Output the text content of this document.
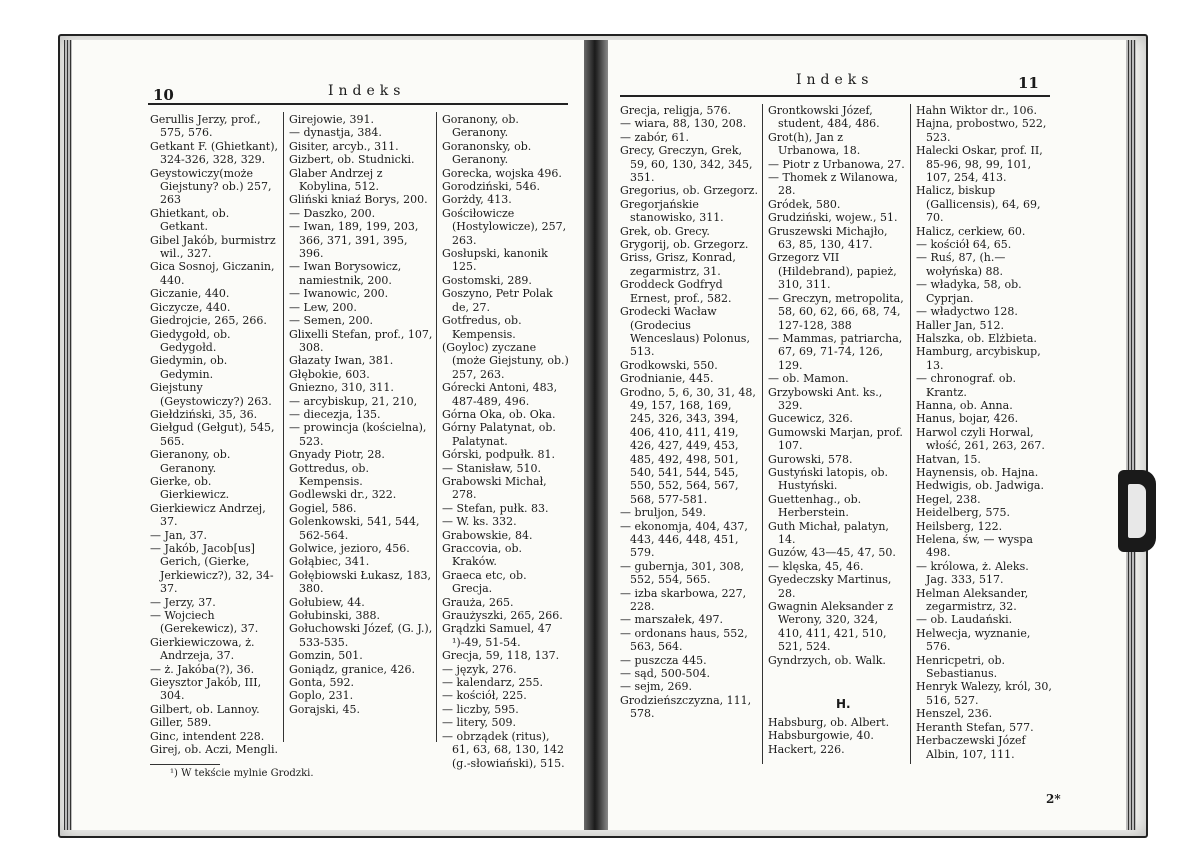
10	Indeks
Indeks	11

Gerullis Jerzy, prof., 575, 576.

Getkant F. (Ghietkant), 324-326, 328, 329.

Geystowiczy(może Giejstuny? ob.) 257, 263

Ghietkant, ob. Getkant.

Gibel Jakób, burmistrz wil., 327.

Gica Sosnoj, Giczanin, 440.

Giczanie, 440.

Giczycze, 440.

Giedrojcie, 265, 266.

Giedygołd, ob. Gedygołd.

Giedymin, ob. Gedymin.

Giejstuny (Geystowiczy?) 263.

Giełdziński, 35, 36.

Giełgud (Gełgut), 545, 565.

Gieranony, ob. Geranony.

Gierke, ob. Gierkiewicz.

Gierkiewicz Andrzej, 37.

— Jan, 37.

— Jakób, Jacob[us] Gerich, (Gierke, Jerkiewicz?), 32, 34-37.

— Jerzy, 37.

— Wojciech (Gerekewicz), 37.

Gierkiewiczowa, ż. Andrzeja, 37.

— ż. Jakóba(?), 36.

Gieysztor Jakób, III, 304.

Gilbert, ob. Lannoy.

Giller, 589.

Ginc, intendent 228.

Girej, ob. Aczi, Mengli.

Girejowie, 391.

— dynastja, 384.

Gisiter, arcyb., 311.

Gizbert, ob. Studnicki.

Glaber Andrzej z Kobylina, 512.

Gliński kniaź Borys, 200.

— Daszko, 200.

— Iwan, 189, 199, 203, 366, 371, 391, 395, 396.

— Iwan Borysowicz, namiestnik, 200.

— Iwanowic, 200.

— Lew, 200.

— Semen, 200.

Glixelli Stefan, prof., 107, 308.

Głazaty Iwan, 381.

Głębokie, 603.

Gniezno, 310, 311.

— arcybiskup, 21, 210,

— diecezja, 135.

— prowincja (kościelna), 523.

Gnyady Piotr, 28.

Gottredus, ob. Kempensis.

Godlewski dr., 322.

Gogiel, 586.

Golenkowski, 541, 544, 562-564.

Golwice, jezioro, 456.

Gołąbiec, 341.

Gołębiowski Łukasz, 183, 380.

Gołubiew, 44.

Gołubinski, 388.

Gołuchowski Józef, (G. J.), 533-535.

Gomzin, 501.

Goniądz, granice, 426.

Gonta, 592.

Goplo, 231.

Gorajski, 45.

Goranony, ob. Geranony.

Goranonsky, ob. Geranony.

Gorecka, wojska 496.

Gorodziński, 546.

Gorżdy, 413.

Gościłowicze (Hostylowicze), 257, 263.

Gosłupski, kanonik 125.

Gostomski, 289.

Goszyno, Petr Polak de, 27.

Gotfredus, ob. Kempensis.

(Goyloc) zyczane (może Giejstuny, ob.) 257, 263.

Górecki Antoni, 483, 487-489, 496.

Górna Oka, ob. Oka.

Górny Palatynat, ob. Palatynat.

Górski, podpułk. 81.

— Stanisław, 510.

Grabowski Michał, 278.

— Stefan, pułk. 83.

— W. ks. 332.

Grabowskie, 84.

Graccovia, ob. Kraków.

Graeca etc, ob. Grecja.

Grauża, 265.

Graużyszki, 265, 266.

Grądzki Samuel, 47 ¹)-49, 51-54.

Grecja, 59, 118, 137.

— język, 276.

— kalendarz, 255.

— kościół, 225.

— liczby, 595.

— litery, 509.

— obrządek (ritus), 61, 63, 68, 130, 142 (g.-słowiański), 515.

Grecja, religja, 576.

— wiara, 88, 130, 208.

— zabór, 61.

Grecy, Greczyn, Grek, 59, 60, 130, 342, 345, 351.

Gregorius, ob. Grzegorz.

Gregorjańskie stanowisko, 311.

Grek, ob. Grecy.

Grygorij, ob. Grzegorz.

Griss, Grisz, Konrad, zegarmistrz, 31.

Groddeck Godfryd Ernest, prof., 582.

Grodecki Wacław (Grodecius Wenceslaus) Polonus, 513.

Grodkowski, 550.

Grodnianie, 445.

Grodno, 5, 6, 30, 31, 48, 49, 157, 168, 169, 245, 326, 343, 394, 406, 410, 411, 419, 426, 427, 449, 453, 485, 492, 498, 501, 540, 541, 544, 545, 550, 552, 564, 567, 568, 577-581.

— bruljon, 549.

— ekonomja, 404, 437, 443, 446, 448, 451, 579.

— gubernja, 301, 308, 552, 554, 565.

— izba skarbowa, 227, 228.

— marszałek, 497.

— ordonans haus, 552, 563, 564.

— puszcza 445.

— sąd, 500-504.

— sejm, 269.

Grodzieńszczyzna, 111, 578.

Grontkowski Józef, student, 484, 486.

Grot(h), Jan z Urbanowa, 18.

— Piotr z Urbanowa, 27.

— Thomek z Wilanowa, 28.

Gródek, 580.

Grudziński, wojew., 51.

Gruszewski Michajło, 63, 85, 130, 417.

Grzegorz VII (Hildebrand), papież, 310, 311.

— Greczyn, metropolita, 58, 60, 62, 66, 68, 74, 127-128, 388

— Mammas, patriarcha, 67, 69, 71-74, 126, 129.

— ob. Mamon.

Grzybowski Ant. ks., 329.

Gucewicz, 326.

Gumowski Marjan, prof. 107.

Gurowski, 578.

Gustyński latopis, ob. Hustyński.

Guettenhag., ob. Herberstein.

Guth Michał, palatyn, 14.

Guzów, 43—45, 47, 50.

— klęska, 45, 46.

Gyedeczsky Martinus, 28.

Gwagnin Aleksander z Werony, 320, 324, 410, 411, 421, 510, 521, 524.

Gyndrzych, ob. Walk.

Hahn Wiktor dr., 106.

Hajna, probostwo, 522, 523.

Halecki Oskar, prof. II, 85-96, 98, 99, 101, 107, 254, 413.

Halicz, biskup (Gallicensis), 64, 69, 70.

Halicz, cerkiew, 60.

— kościół 64, 65.

— Ruś, 87, (h.—wołyńska) 88.

— władyka, 58, ob. Cyprjan.

— władyctwo 128.

Haller Jan, 512.

Halszka, ob. Elżbieta.

Hamburg, arcybiskup, 13.

— chronograf. ob. Krantz.

Hanna, ob. Anna.

Hanus, bojar, 426.

Harwol czyli Horwal, włość, 261, 263, 267.

Hatvan, 15.

Haynensis, ob. Hajna.

Hedwigis, ob. Jadwiga.

Hegel, 238.

Heidelberg, 575.

Heilsberg, 122.

Helena, św, — wyspa 498.

— królowa, ż. Aleks. Jag. 333, 517.

Helman Aleksander, zegarmistrz, 32.

— ob. Laudański.

Helwecja, wyznanie, 576.

Henricpetri, ob. Sebastianus.

Henryk Walezy, król, 30, 516, 527.

Henszel, 236.

Heranth Stefan, 577.

Herbaczewski Józef Albin, 107, 111.

H.

Habsburg, ob. Albert.

Habsburgowie, 40.

Hackert, 226.

¹) W tekście mylnie Grodzki.
2*
